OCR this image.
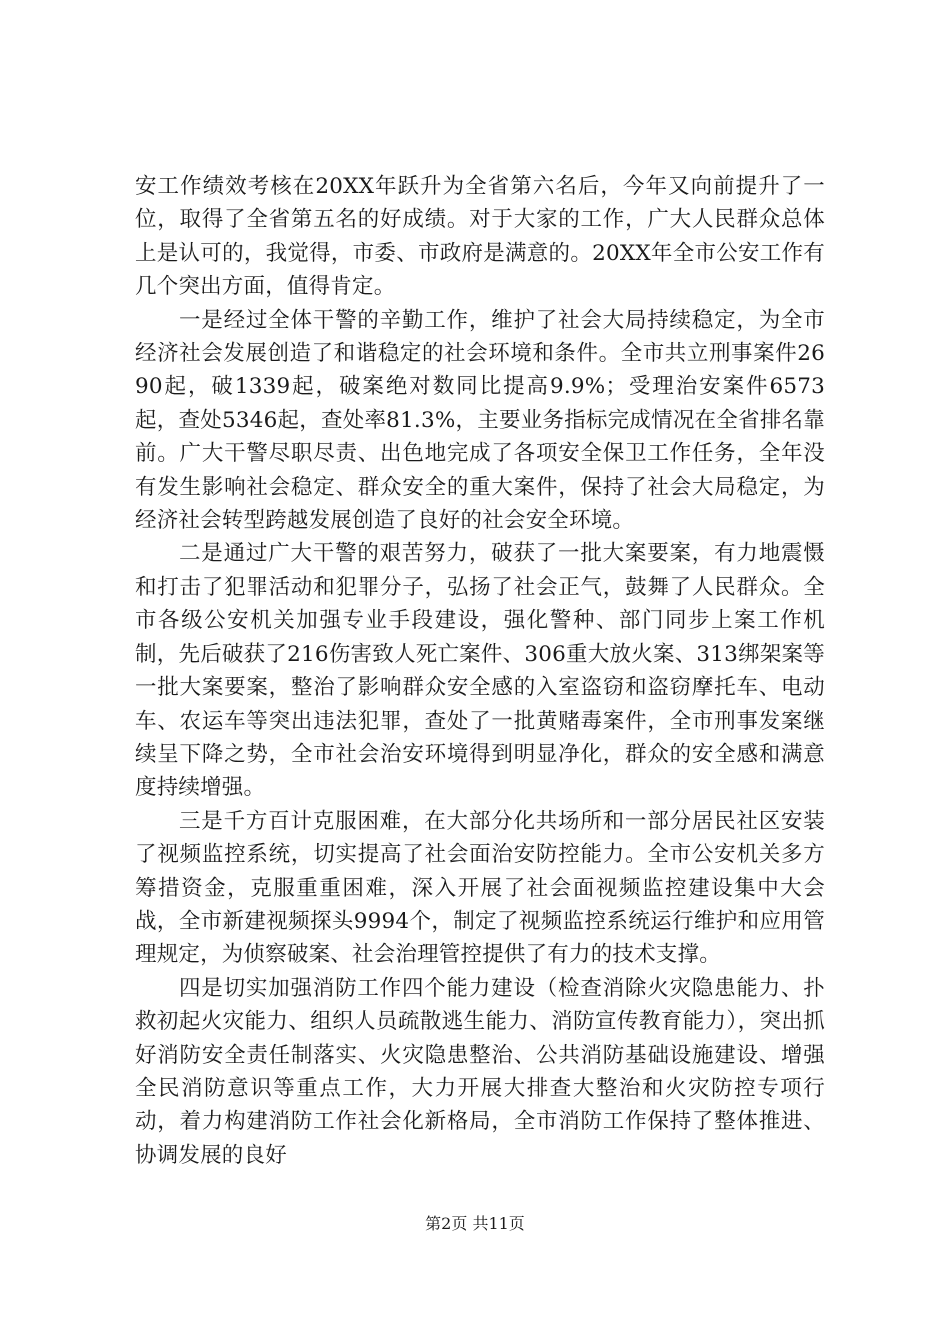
安工作绩效考核在20XX年跃升为全省第六名后，今年又向前提升了一位，取得了全省第五名的好成绩。对于大家的工作，广大人民群众总体上是认可的，我觉得，市委、市政府是满意的。20XX年全市公安工作有几个突出方面，值得肯定。

一是经过全体干警的辛勤工作，维护了社会大局持续稳定，为全市经济社会发展创造了和谐稳定的社会环境和条件。全市共立刑事案件2690起，破1339起，破案绝对数同比提高9.9%；受理治安案件6573起，查处5346起，查处率81.3%，主要业务指标完成情况在全省排名靠前。广大干警尽职尽责、出色地完成了各项安全保卫工作任务，全年没有发生影响社会稳定、群众安全的重大案件，保持了社会大局稳定，为经济社会转型跨越发展创造了良好的社会安全环境。

二是通过广大干警的艰苦努力，破获了一批大案要案，有力地震慑和打击了犯罪活动和犯罪分子，弘扬了社会正气，鼓舞了人民群众。全市各级公安机关加强专业手段建设，强化警种、部门同步上案工作机制，先后破获了216伤害致人死亡案件、306重大放火案、313绑架案等一批大案要案，整治了影响群众安全感的入室盗窃和盗窃摩托车、电动车、农运车等突出违法犯罪，查处了一批黄赌毒案件，全市刑事发案继续呈下降之势，全市社会治安环境得到明显净化，群众的安全感和满意度持续增强。

三是千方百计克服困难，在大部分化共场所和一部分居民社区安装了视频监控系统，切实提高了社会面治安防控能力。全市公安机关多方筹措资金，克服重重困难，深入开展了社会面视频监控建设集中大会战，全市新建视频探头9994个，制定了视频监控系统运行维护和应用管理规定，为侦察破案、社会治理管控提供了有力的技术支撑。

四是切实加强消防工作四个能力建设（检查消除火灾隐患能力、扑救初起火灾能力、组织人员疏散逃生能力、消防宣传教育能力），突出抓好消防安全责任制落实、火灾隐患整治、公共消防基础设施建设、增强全民消防意识等重点工作，大力开展大排查大整治和火灾防控专项行动，着力构建消防工作社会化新格局，全市消防工作保持了整体推进、协调发展的良好

第2页 共11页
